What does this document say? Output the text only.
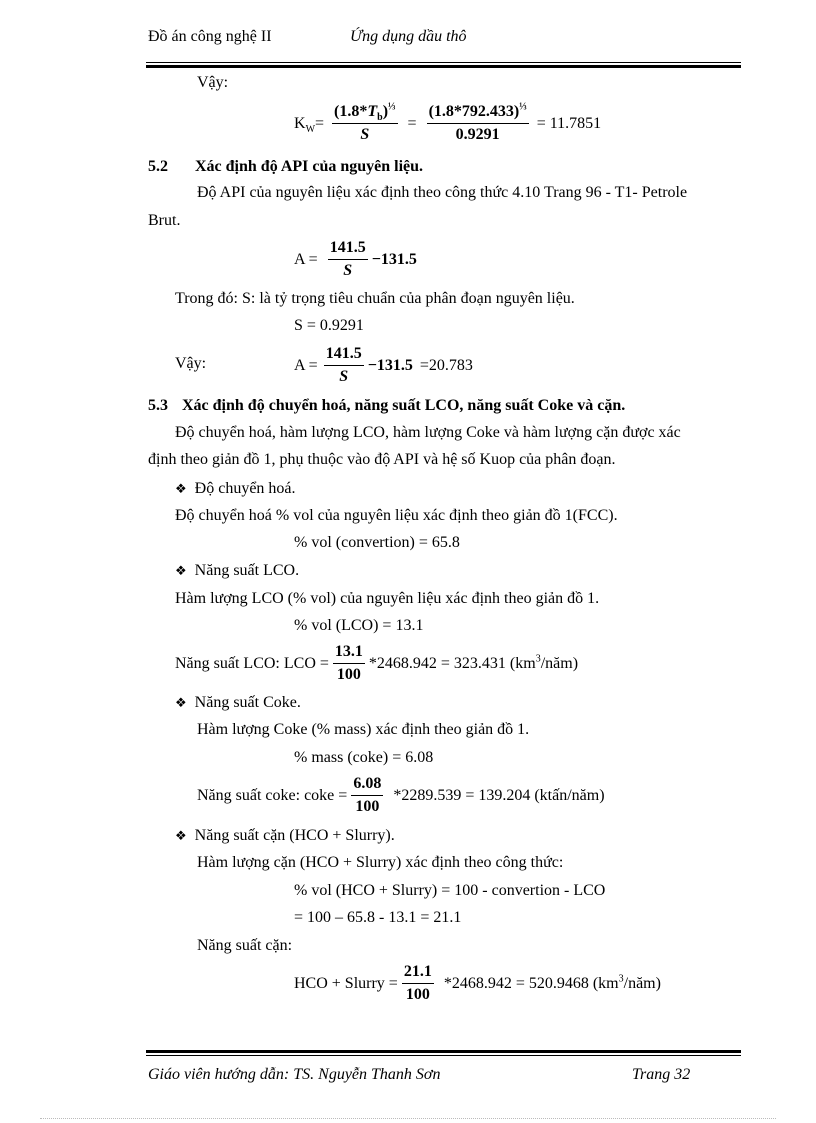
Đồ án công nghệ II	Ứng dụng dầu thô
Vậy:
$K_W= \frac{(1.8*T_b)^{\frac{1}{3}}}{S} = \frac{(1.8*792.433)^{\frac{1}{3}}}{0.9291} = 11.7851$
5.2 Xác định độ API của nguyên liệu.
Độ API của nguyên liệu xác định theo công thức 4.10 Trang 96 - T1- Petrole
Brut.
$A = \frac{141.5}{S} -131.5$
Trong đó: S: là tỷ trọng tiêu chuẩn của phân đoạn nguyên liệu.
S = 0.9291
Vậy:	$A = \frac{141.5}{S} -131.5 =20.783$
5.3 Xác định độ chuyển hoá, năng suất LCO, năng suất Coke và cặn.
Độ chuyển hoá, hàm lượng LCO, hàm lượng Coke và hàm lượng cặn được xác
định theo giản đồ 1, phụ thuộc vào độ API và hệ số Kuop của phân đoạn.
❖ Độ chuyển hoá.
Độ chuyển hoá % vol của nguyên liệu xác định theo giản đồ 1(FCC).
% vol (convertion) = 65.8
❖ Năng suất LCO.
Hàm lượng LCO (% vol) của nguyên liệu xác định theo giản đồ 1.
% vol (LCO) = 13.1
Năng suất LCO: LCO = $\frac{13.1}{100} *2468.942 = 323.431$ $(km^3/năm)$
❖ Năng suất Coke.
Hàm lượng Coke (% mass) xác định theo giản đồ 1.
% mass (coke) = 6.08
Năng suất coke: coke = $\frac{6.08}{100} *2289.539 = 139.204$ (ktấn/năm)
❖ Năng suất cặn (HCO + Slurry).
Hàm lượng cặn (HCO + Slurry) xác định theo công thức:
% vol (HCO + Slurry) = 100 - convertion - LCO
= 100 – 65.8 - 13.1 = 21.1
Năng suất cặn:
HCO + Slurry = $\frac{21.1}{100} *2468.942 = 520.9468$ $(km^3/năm)$
Giáo viên hướng dẫn: TS. Nguyễn Thanh Sơn	Trang 32
